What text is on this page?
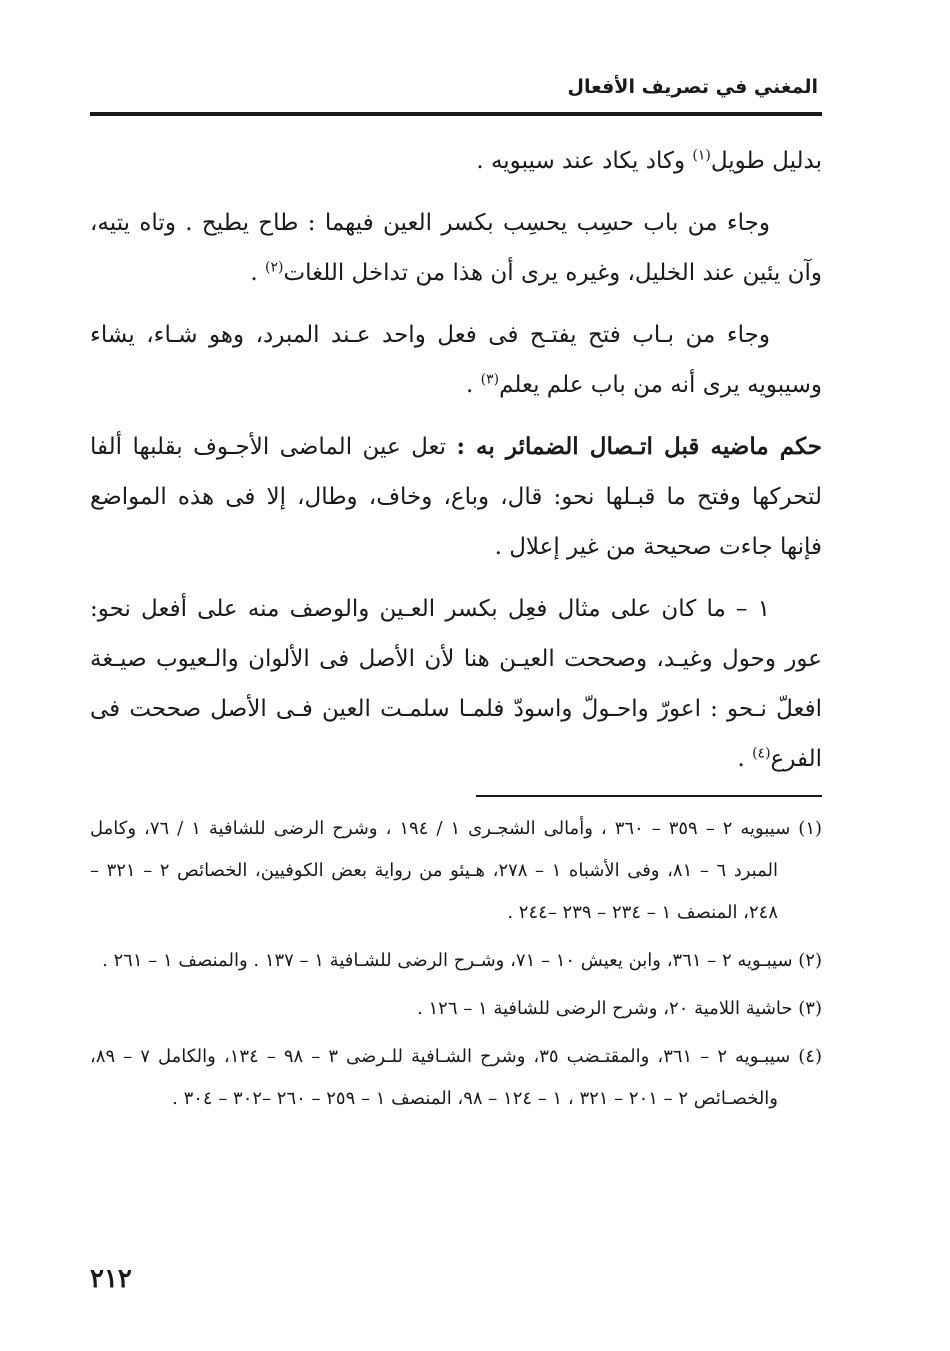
المغني في تصريف الأفعال

بدليل طويل$^{(١)}$ وكاد يكاد عند سيبويه .

وجاء من باب حسِب يحسِب بكسر العين فيهما : طاح يطيح . وتاه يتيه، وآن يئين عند الخليل، وغيره يرى أن هذا من تداخل اللغات$^{(٢)}$ .

وجاء من بـاب فتح يفتـح فى فعل واحد عـند المبرد، وهو شـاء، يشاء وسيبويه يرى أنه من باب علم يعلم$^{(٣)}$ .

حكم ماضيه قبل اتـصال الضمائر به : تعل عين الماضى الأجـوف بقلبها ألفا لتحركها وفتح ما قبـلها نحو: قال، وباع، وخاف، وطال، إلا فى هذه المواضع فإنها جاءت صحيحة من غير إعلال .

١ – ما كان على مثال فعِل بكسر العـين والوصف منه على أفعل نحو: عور وحول وغيـد، وصححت العيـن هنا لأن الأصل فى الألوان والـعيوب صيـغة افعلّ نـحو : اعورّ واحـولّ واسودّ فلمـا سلمـت العين فـى الأصل صححت فى الفرع$^{(٤)}$ .

(١) سيبويه ٢ – ٣٥٩ – ٣٦٠ ، وأمالى الشجـرى ١ / ١٩٤ ، وشرح الرضى للشافية ١ / ٧٦، وكامل المبرد ٦ – ٨١، وفى الأشباه ١ – ٢٧٨، هـيئو من رواية بعض الكوفيين، الخصائص ٢ – ٣٢١ – ٢٤٨، المنصف ١ – ٢٣٤ – ٢٣٩ –٢٤٤ .

(٢) سيبـويه ٢ – ٣٦١، وابن يعيش ١٠ – ٧١، وشـرح الرضى للشـافية ١ – ١٣٧ . والمنصف ١ – ٢٦١ .

(٣) حاشية اللامية ٢٠، وشرح الرضى للشافية ١ – ١٢٦ .

(٤) سيبـويه ٢ – ٣٦١، والمقتـضب ٣٥، وشرح الشـافية للـرضى ٣ – ٩٨ – ١٣٤، والكامل ٧ – ٨٩، والخصـائص ٢ – ٢٠١ – ٣٢١ ، ١ – ١٢٤ – ٩٨، المنصف ١ – ٢٥٩ – ٢٦٠ –٣٠٢ – ٣٠٤ .

٢١٢
